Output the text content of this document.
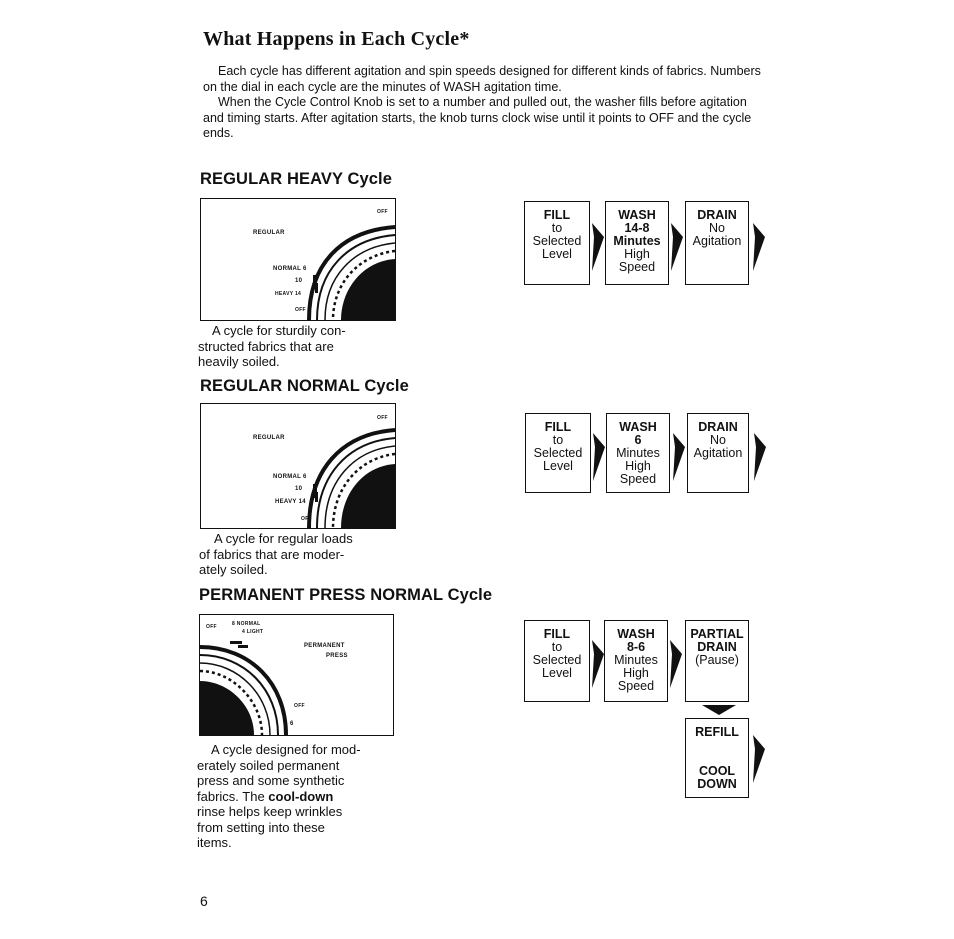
What Happens in Each Cycle*

Each cycle has different agitation and spin speeds designed for different kinds of fabrics. Numbers on the dial in each cycle are the minutes of WASH agitation time.

When the Cycle Control Knob is set to a number and pulled out, the washer fills before agitation and timing starts. After agitation starts, the knob turns clock wise until it points to OFF and the cycle ends.

REGULAR HEAVY Cycle
REGULAR
OFF
NORMAL 6
10
HEAVY 14
OFF
A cycle for sturdily con-
structed fabrics that are
heavily soiled.
FILL
to
Selected
Level
WASH
14-8
Minutes
High
Speed
DRAIN
No
Agitation
REGULAR NORMAL Cycle
REGULAR
OFF
NORMAL 6
10
HEAVY 14
OFF
A cycle for regular loads
of fabrics that are moder-
ately soiled.
FILL
to
Selected
Level
WASH
6
Minutes
High
Speed
DRAIN
No
Agitation
PERMANENT PRESS NORMAL Cycle
OFF	8 NORMAL
4 LIGHT
PERMANENT
PRESS
OFF
6
A cycle designed for mod-
erately soiled permanent
press and some synthetic
fabrics. The cool-down
rinse helps keep wrinkles
from setting into these
items.
FILL
to
Selected
Level
WASH
8-6
Minutes
High
Speed
PARTIAL
DRAIN
(Pause)
REFILL
COOL
DOWN
6
